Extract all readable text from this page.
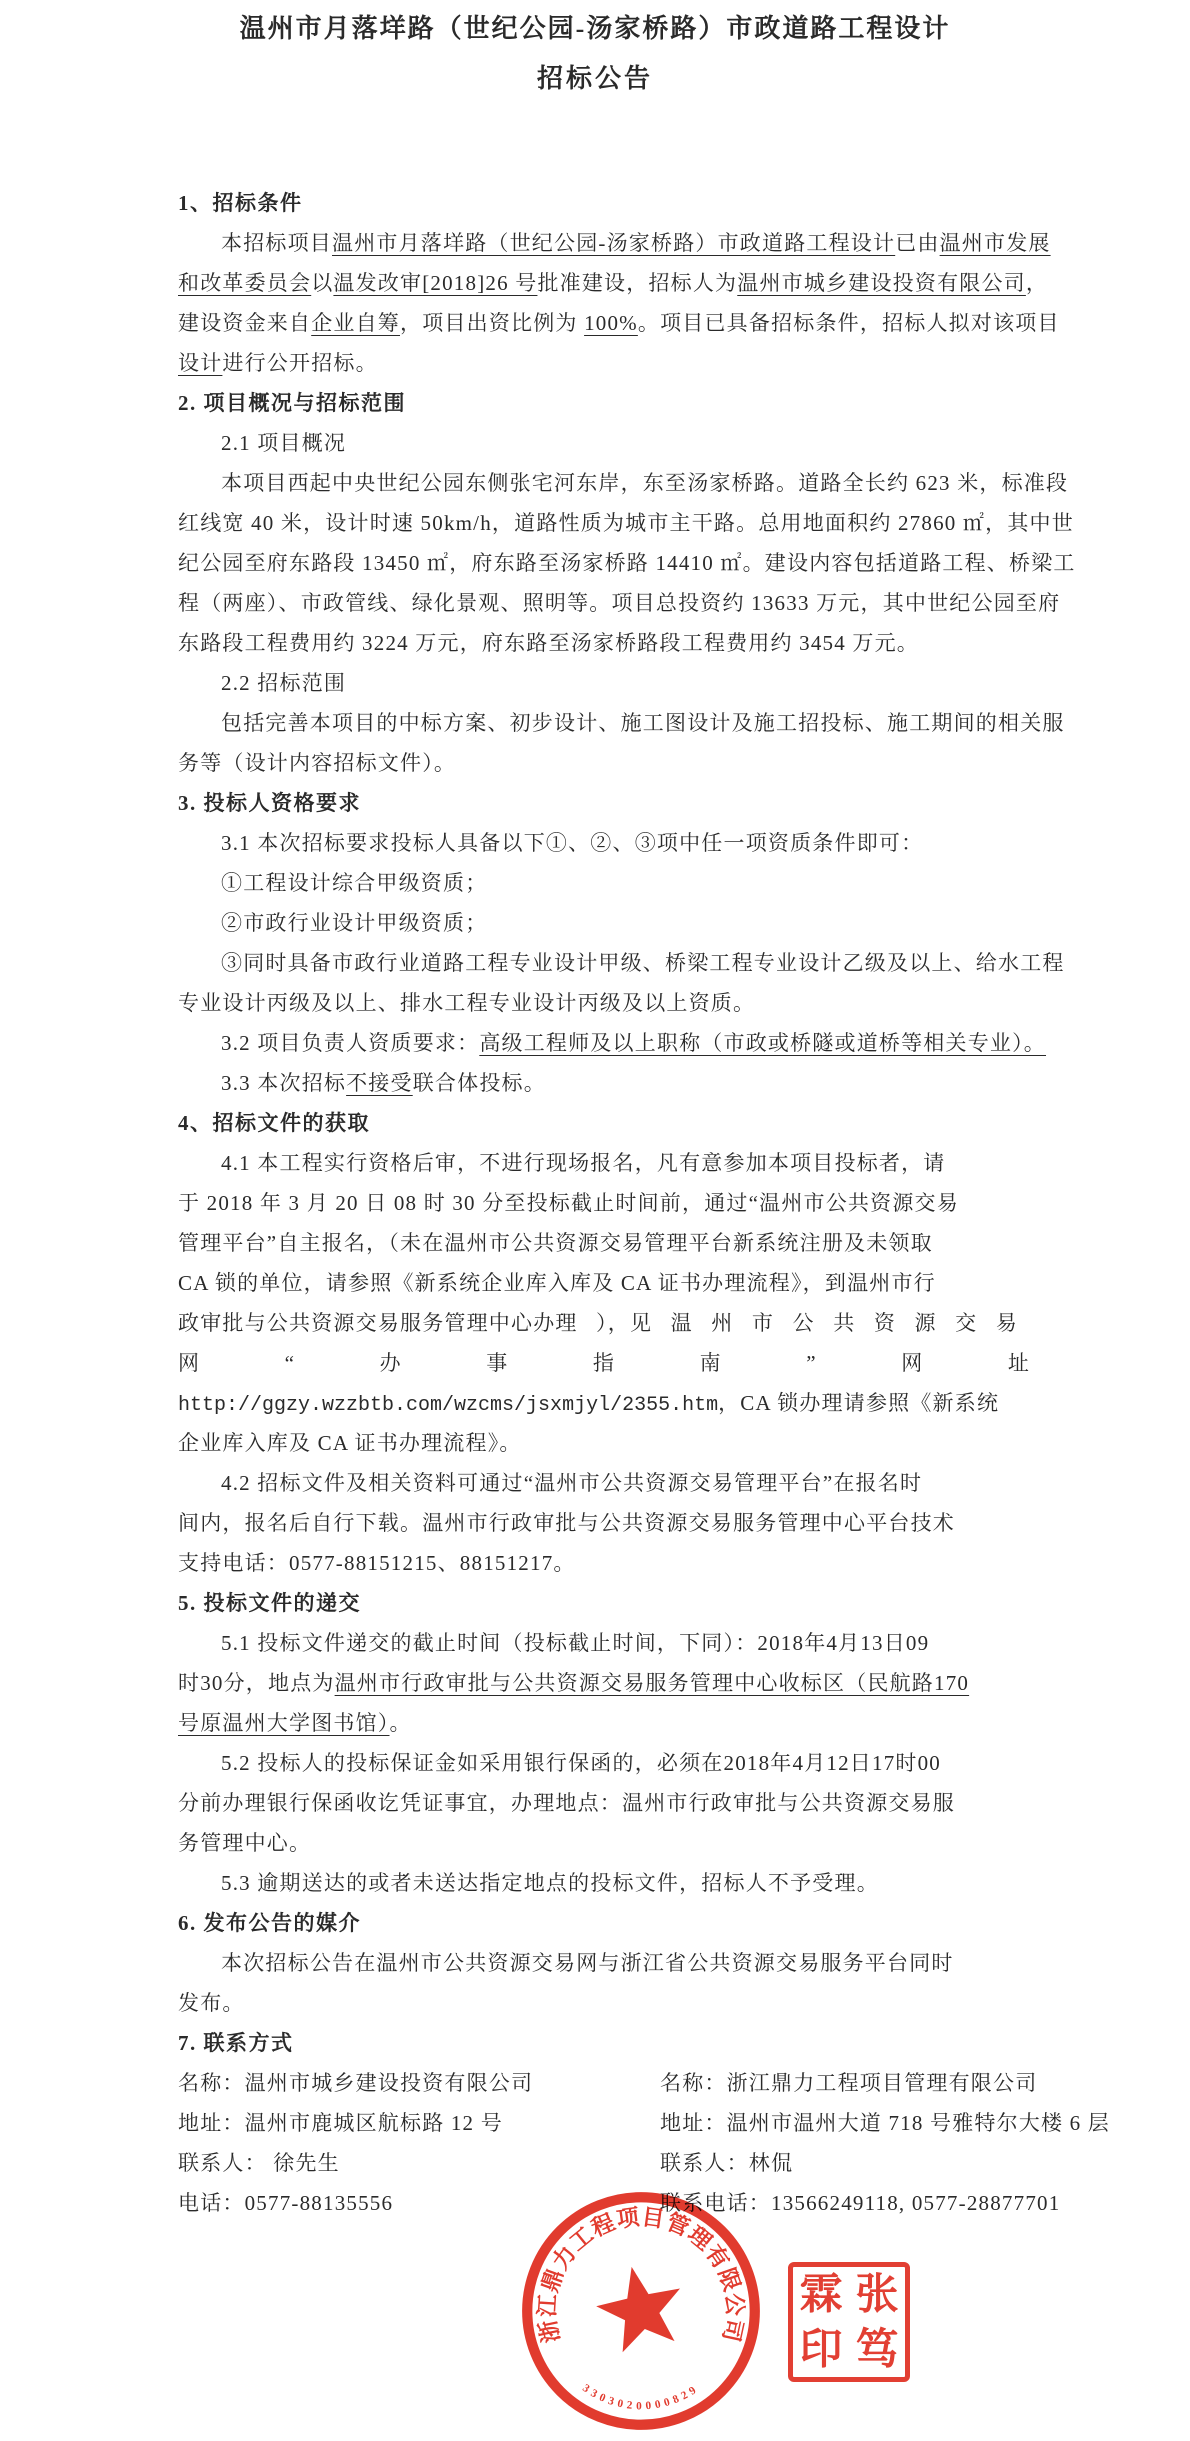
温州市月落垟路（世纪公园-汤家桥路）市政道路工程设计
招标公告
1、招标条件
本招标项目温州市月落垟路（世纪公园-汤家桥路）市政道路工程设计已由温州市发展
和改革委员会以温发改审[2018]26 号批准建设，招标人为温州市城乡建设投资有限公司，
建设资金来自企业自筹，项目出资比例为 100%。项目已具备招标条件，招标人拟对该项目
设计进行公开招标。
2. 项目概况与招标范围
2.1 项目概况
本项目西起中央世纪公园东侧张宅河东岸，东至汤家桥路。道路全长约 623 米，标准段
红线宽 40 米，设计时速 50km/h，道路性质为城市主干路。总用地面积约 27860 ㎡，其中世
纪公园至府东路段 13450 ㎡，府东路至汤家桥路 14410 ㎡。建设内容包括道路工程、桥梁工
程（两座）、市政管线、绿化景观、照明等。项目总投资约 13633 万元，其中世纪公园至府
东路段工程费用约 3224 万元，府东路至汤家桥路段工程费用约 3454 万元。
2.2 招标范围
包括完善本项目的中标方案、初步设计、施工图设计及施工招投标、施工期间的相关服
务等（设计内容招标文件）。
3. 投标人资格要求
3.1 本次招标要求投标人具备以下①、②、③项中任一项资质条件即可：
①工程设计综合甲级资质；
②市政行业设计甲级资质；
③同时具备市政行业道路工程专业设计甲级、桥梁工程专业设计乙级及以上、给水工程
专业设计丙级及以上、排水工程专业设计丙级及以上资质。
3.2 项目负责人资质要求：高级工程师及以上职称（市政或桥隧或道桥等相关专业）。
3.3 本次招标不接受联合体投标。
4、招标文件的获取
4.1 本工程实行资格后审，不进行现场报名，凡有意参加本项目投标者，请
于 2018 年 3 月 20 日 08 时 30 分至投标截止时间前，通过“温州市公共资源交易
管理平台”自主报名，（未在温州市公共资源交易管理平台新系统注册及未领取
CA 锁的单位，请参照《新系统企业库入库及 CA 证书办理流程》，到温州市行
政审批与公共资源交易服务管理中心办理 ），见 温 州 市 公 共 资 源 交 易
网 “ 办 事 指 南 ” 网 址
http://ggzy.wzzbtb.com/wzcms/jsxmjyl/2355.htm，CA 锁办理请参照《新系统
企业库入库及 CA 证书办理流程》。
4.2 招标文件及相关资料可通过“温州市公共资源交易管理平台”在报名时
间内，报名后自行下载。温州市行政审批与公共资源交易服务管理中心平台技术
支持电话：0577-88151215、88151217。
5. 投标文件的递交
5.1 投标文件递交的截止时间（投标截止时间，下同）：2018年4月13日09
时30分，地点为温州市行政审批与公共资源交易服务管理中心收标区（民航路170
号原温州大学图书馆）。
5.2 投标人的投标保证金如采用银行保函的，必须在2018年4月12日17时00
分前办理银行保函收讫凭证事宜，办理地点：温州市行政审批与公共资源交易服
务管理中心。
5.3 逾期送达的或者未送达指定地点的投标文件，招标人不予受理。
6. 发布公告的媒介
本次招标公告在温州市公共资源交易网与浙江省公共资源交易服务平台同时
发布。
7. 联系方式
名称：温州市城乡建设投资有限公司	名称：浙江鼎力工程项目管理有限公司
地址：温州市鹿城区航标路 12 号	地址：温州市温州大道 718 号雅特尔大楼 6 层
联系人： 徐先生	联系人：林侃
电话：0577-88135556	联系电话：13566249118, 0577-28877701
浙江鼎力工程项目管理有限公司
3303020000829
霖 张
印 笃
